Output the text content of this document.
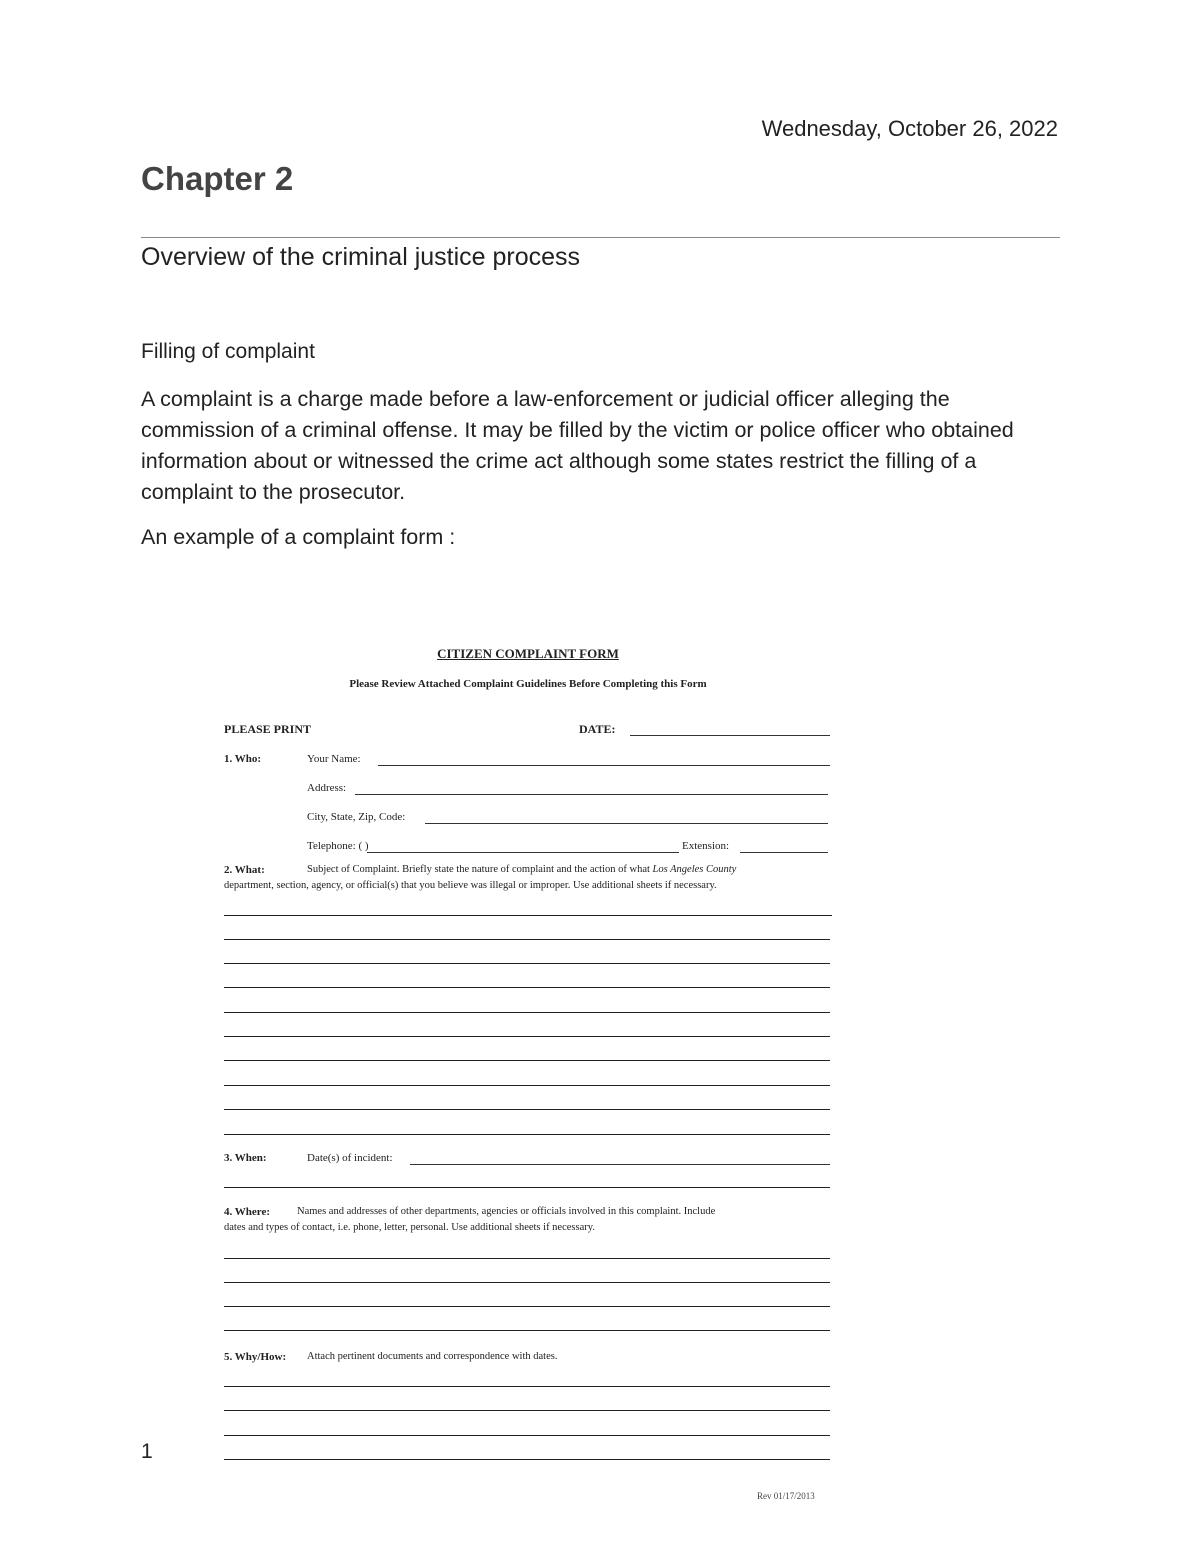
Wednesday, October 26, 2022
Chapter 2
Overview of the criminal justice process
Filling of complaint
A complaint is a charge made before a law-enforcement or judicial officer alleging the commission of a criminal offense. It may be filled by the victim or police officer who obtained information about or witnessed the crime act although some states restrict the filling of a complaint to the prosecutor.
An example of a complaint form :
CITIZEN COMPLAINT FORM
Please Review Attached Complaint Guidelines Before Completing this Form
PLEASE PRINT	DATE:
1. Who:	Your Name:
Address:
City, State, Zip, Code:
Telephone: ( )	Extension:
2. What:	Subject of Complaint. Briefly state the nature of complaint and the action of what Los Angeles County
department, section, agency, or official(s) that you believe was illegal or improper. Use additional sheets if necessary.
3. When:	Date(s) of incident:
4. Where:	Names and addresses of other departments, agencies or officials involved in this complaint. Include
dates and types of contact, i.e. phone, letter, personal. Use additional sheets if necessary.
5. Why/How: Attach pertinent documents and correspondence with dates.
Rev 01/17/2013
1
